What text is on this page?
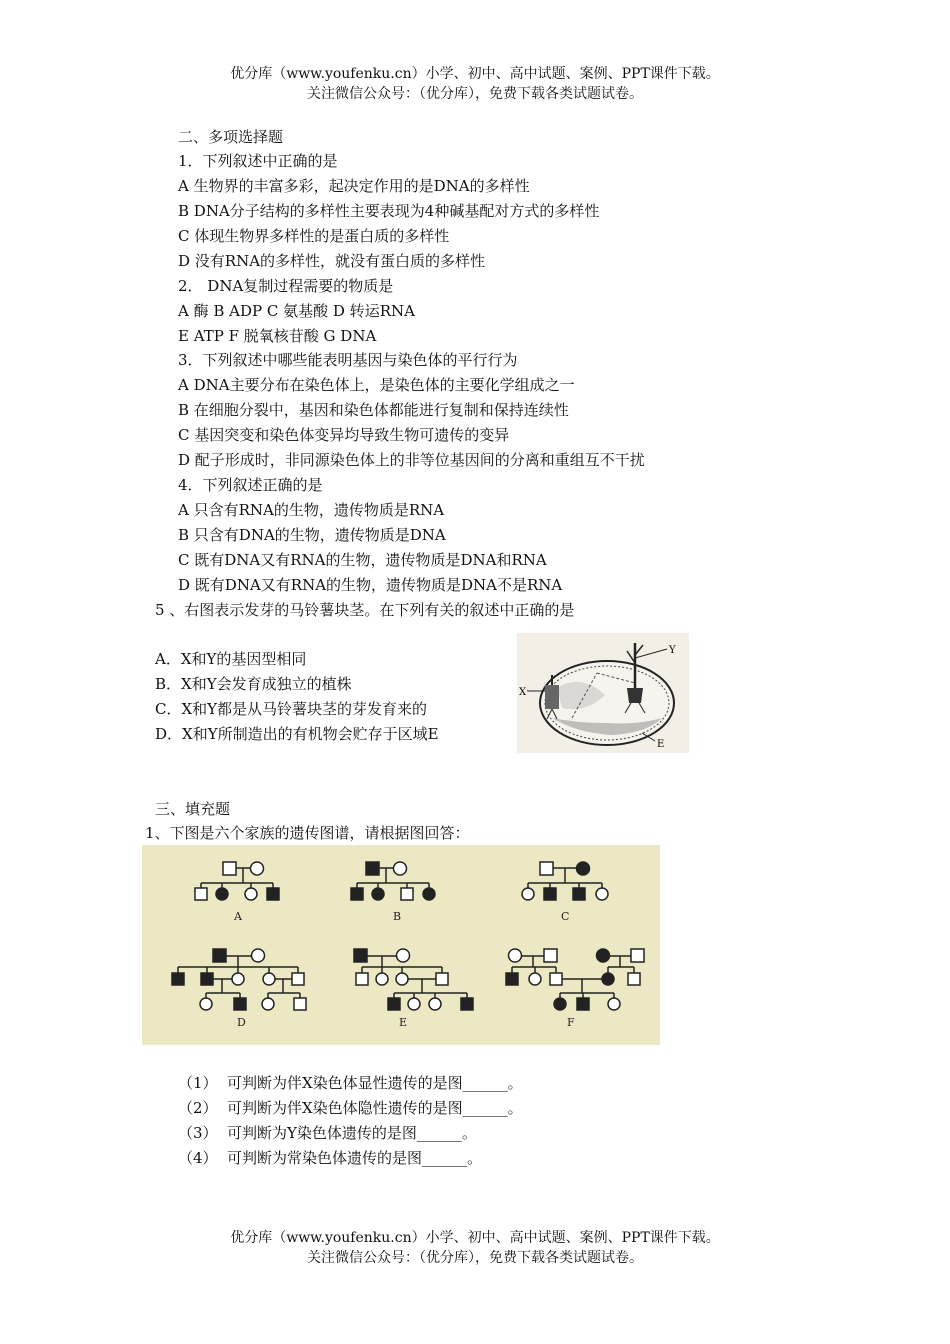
优分库（www.youfenku.cn）小学、初中、高中试题、案例、PPT课件下载。
关注微信公众号：（优分库），免费下载各类试题试卷。
二、多项选择题
1．下列叙述中正确的是
A 生物界的丰富多彩，起决定作用的是DNA的多样性
B DNA分子结构的多样性主要表现为4种碱基配对方式的多样性
C 体现生物界多样性的是蛋白质的多样性
D 没有RNA的多样性，就没有蛋白质的多样性
2． DNA复制过程需要的物质是
A 酶 B ADP C 氨基酸 D 转运RNA
E ATP F 脱氧核苷酸 G DNA
3．下列叙述中哪些能表明基因与染色体的平行行为
A DNA主要分布在染色体上，是染色体的主要化学组成之一
B 在细胞分裂中，基因和染色体都能进行复制和保持连续性
C 基因突变和染色体变异均导致生物可遗传的变异
D 配子形成时，非同源染色体上的非等位基因间的分离和重组互不干扰
4．下列叙述正确的是
A 只含有RNA的生物，遗传物质是RNA
B 只含有DNA的生物，遗传物质是DNA
C 既有DNA又有RNA的生物，遗传物质是DNA和RNA
D 既有DNA又有RNA的生物，遗传物质是DNA不是RNA
5 、右图表示发芽的马铃薯块茎。在下列有关的叙述中正确的是
A．X和Y的基因型相同
B．X和Y会发育成独立的植株
C．X和Y都是从马铃薯块茎的芽发育来的
D．X和Y所制造出的有机物会贮存于区域E
X
Y
E
三、填充题
1、下图是六个家族的遗传图谱，请根据图回答：
A	B	C
D	E	F
（1） 可判断为伴X染色体显性遗传的是图______。
（2） 可判断为伴X染色体隐性遗传的是图______。
（3） 可判断为Y染色体遗传的是图______。
（4） 可判断为常染色体遗传的是图______。
优分库（www.youfenku.cn）小学、初中、高中试题、案例、PPT课件下载。
关注微信公众号：（优分库），免费下载各类试题试卷。
